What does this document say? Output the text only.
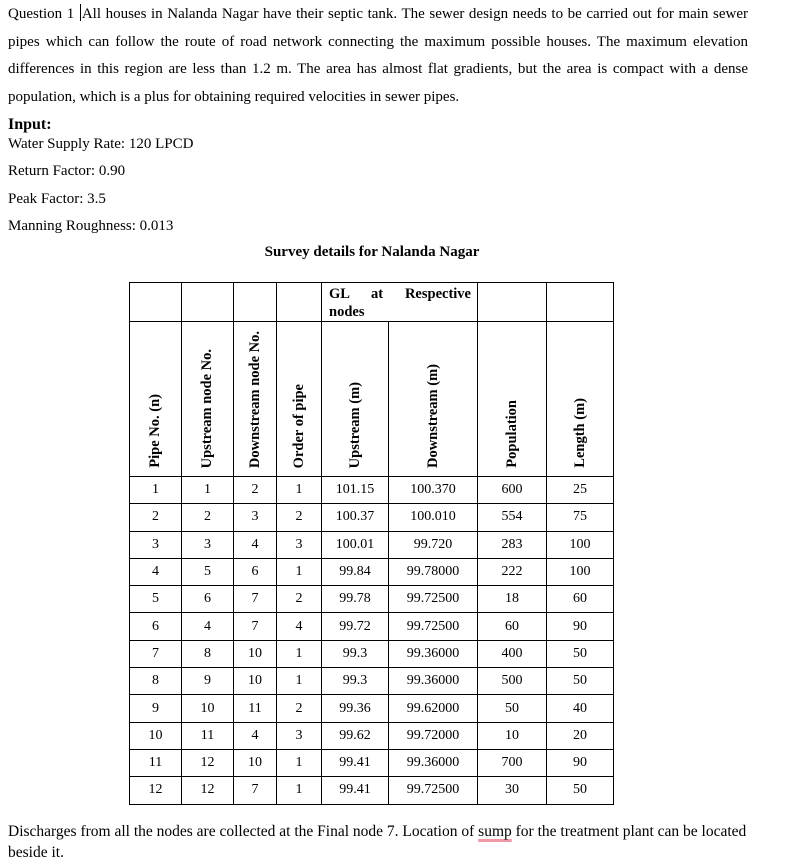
Question 1 All houses in Nalanda Nagar have their septic tank. The sewer design needs to be carried out for main sewer pipes which can follow the route of road network connecting the maximum possible houses. The maximum elevation differences in this region are less than 1.2 m. The area has almost flat gradients, but the area is compact with a dense population, which is a plus for obtaining required velocities in sewer pipes.
Input:
Water Supply Rate: 120 LPCD
Return Factor: 0.90
Peak Factor: 3.5
Manning Roughness: 0.013
Survey details for Nalanda Nagar
				GL at Respective nodes			
Pipe No. (n)	Upstream node No.	Downstream node No.	Order of pipe	Upstream (m)	Downstream (m)	Population	Length (m)
1	1	2	1	101.15	100.370	600	25
2	2	3	2	100.37	100.010	554	75
3	3	4	3	100.01	99.720	283	100
4	5	6	1	99.84	99.78000	222	100
5	6	7	2	99.78	99.72500	18	60
6	4	7	4	99.72	99.72500	60	90
7	8	10	1	99.3	99.36000	400	50
8	9	10	1	99.3	99.36000	500	50
9	10	11	2	99.36	99.62000	50	40
10	11	4	3	99.62	99.72000	10	20
11	12	10	1	99.41	99.36000	700	90
12	12	7	1	99.41	99.72500	30	50
Discharges from all the nodes are collected at the Final node 7. Location of sump for the treatment plant can be located beside it.
